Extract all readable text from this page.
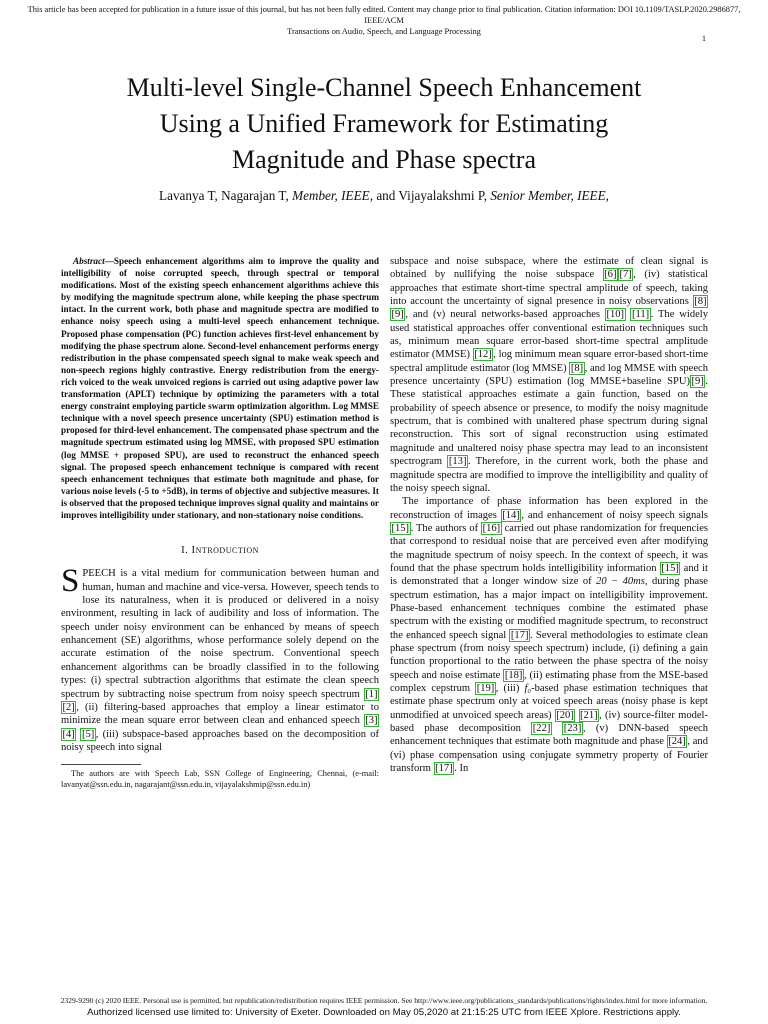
This article has been accepted for publication in a future issue of this journal, but has not been fully edited. Content may change prior to final publication. Citation information: DOI 10.1109/TASLP.2020.2986877, IEEE/ACM
Transactions on Audio, Speech, and Language Processing
1
Multi-level Single-Channel Speech Enhancement
Using a Unified Framework for Estimating
Magnitude and Phase spectra
Lavanya T, Nagarajan T, Member, IEEE, and Vijayalakshmi P, Senior Member, IEEE,

Abstract—Speech enhancement algorithms aim to improve the quality and intelligibility of noise corrupted speech, through spectral or temporal modifications. Most of the existing speech enhancement algorithms achieve this by modifying the magnitude spectrum alone, while keeping the phase spectrum intact. In the current work, both phase and magnitude spectra are modified to enhance noisy speech using a multi-level speech enhancement technique. Proposed phase compensation (PC) function achieves first-level enhancement by modifying the phase spectrum alone. Second-level enhancement performs energy redistribution in the phase compensated speech signal to make weak speech and non-speech regions highly contrastive. Energy redistribution from the energy-rich voiced to the weak unvoiced regions is carried out using adaptive power law transformation (APLT) technique by optimizing the parameters with a total energy constraint employing particle swarm optimization algorithm. Log MMSE technique with a novel speech presence uncertainty (SPU) estimation method is proposed for third-level enhancement. The compensated phase spectrum and the magnitude spectrum estimated using log MMSE, with proposed SPU estimation (log MMSE + proposed SPU), are used to reconstruct the enhanced speech signal. The proposed speech enhancement technique is compared with recent speech enhancement techniques that estimate both magnitude and phase, for various noise levels (-5 to +5dB), in terms of objective and subjective measures. It is observed that the proposed technique improves signal quality and maintains or improves intelligibility under stationary, and non-stationary noise conditions.

I. Introduction

SPEECH is a vital medium for communication between human and human, human and machine and vice-versa. However, speech tends to lose its naturalness, when it is produced or delivered in a noisy environment, resulting in lack of audibility and loss of information. The speech under noisy environment can be enhanced by means of speech enhancement (SE) algorithms, whose performance solely depend on the accurate estimation of the noise spectrum. Conventional speech enhancement algorithms can be broadly classified in to the following types: (i) spectral subtraction algorithms that estimate the clean speech spectrum by subtracting noise spectrum from noisy speech spectrum [1] [2] , (ii) filtering-based approaches that employ a linear estimator to minimize the mean square error between clean and enhanced speech [3] [4] [5] , (iii) subspace-based approaches based on the decomposition of noisy speech into signal

The authors are with Speech Lab, SSN College of Engineering, Chennai, (e-mail: lavanyat@ssn.edu.in, nagarajant@ssn.edu.in, vijayalakshmip@ssn.edu.in)

subspace and noise subspace, where the estimate of clean signal is obtained by nullifying the noise subspace [6] [7] , (iv) statistical approaches that estimate short-time spectral amplitude of speech, taking into account the uncertainty of signal presence in noisy observations [8] [9] , and (v) neural networks-based approaches [10] [11] . The widely used statistical approaches offer conventional estimation techniques such as, minimum mean square error-based short-time spectral amplitude estimator (MMSE) [12] , log minimum mean square error-based short-time spectral amplitude estimator (log MMSE) [8] , and log MMSE with speech presence uncertainty (SPU) estimation (log MMSE+baseline SPU) [9] . These statistical approaches estimate a gain function, based on the probability of speech absence or presence, to modify the noisy magnitude spectrum, that is combined with unaltered phase spectrum during signal reconstruction. This sort of signal reconstruction using estimated magnitude and unaltered noisy phase spectra may lead to an inconsistent spectrogram [13] . Therefore, in the current work, both the phase and magnitude spectra are modified to improve the intelligibility and quality of the noisy speech signal.

The importance of phase information has been explored in the reconstruction of images [14] , and enhancement of noisy speech signals [15] . The authors of [16] carried out phase randomization for frequencies that correspond to residual noise that are perceived even after modifying the magnitude spectrum of noisy speech. In the context of speech, it was found that the phase spectrum holds intelligibility information [15] and it is demonstrated that a longer window size of 20 − 40ms, during phase spectrum estimation, has a major impact on intelligibility improvement. Phase-based enhancement techniques combine the estimated phase spectrum with the existing or modified magnitude spectrum, to reconstruct the enhanced speech signal [17] . Several methodologies to estimate clean phase spectrum (from noisy speech spectrum) include, (i) defining a gain function proportional to the ratio between the phase spectra of the noisy speech and noise estimate [18] , (ii) estimating phase from the MSE-based complex cepstrum [19] , (iii) f₀-based phase estimation techniques that estimate phase spectrum only at voiced speech areas (noisy phase is kept unmodified at unvoiced speech areas) [20] [21] , (iv) source-filter model-based phase decomposition [22] [23] , (v) DNN-based speech enhancement techniques that estimate both magnitude and phase [24] , and (vi) phase compensation using conjugate symmetry property of Fourier transform [17] . In

2329-9290 (c) 2020 IEEE. Personal use is permitted, but republication/redistribution requires IEEE permission. See http://www.ieee.org/publications_standards/publications/rights/index.html for more information.
Authorized licensed use limited to: University of Exeter. Downloaded on May 05,2020 at 21:15:25 UTC from IEEE Xplore. Restrictions apply.
